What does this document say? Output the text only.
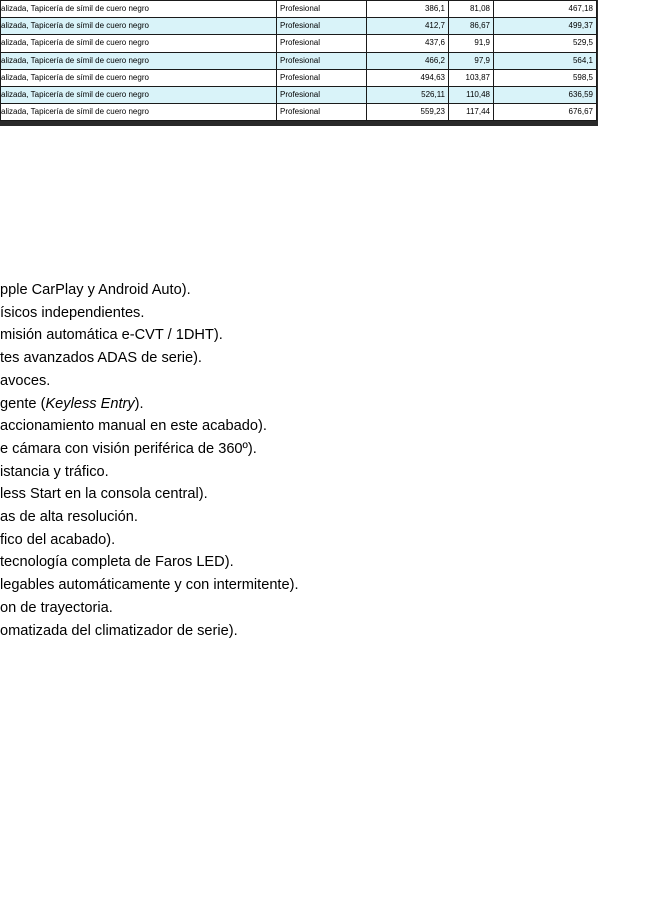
alizada, Tapicería de símil de cuero negro	Profesional	386,1	81,08	467,18
alizada, Tapicería de símil de cuero negro	Profesional	412,7	86,67	499,37
alizada, Tapicería de símil de cuero negro	Profesional	437,6	91,9	529,5
alizada, Tapicería de símil de cuero negro	Profesional	466,2	97,9	564,1
alizada, Tapicería de símil de cuero negro	Profesional	494,63	103,87	598,5
alizada, Tapicería de símil de cuero negro	Profesional	526,11	110,48	636,59
alizada, Tapicería de símil de cuero negro	Profesional	559,23	117,44	676,67
pple CarPlay y Android Auto).
ísicos independientes.
misión automática e-CVT / 1DHT).
tes avanzados ADAS de serie).
avoces.
gente (Keyless Entry).
accionamiento manual en este acabado).
e cámara con visión periférica de 360º).
istancia y tráfico.
less Start en la consola central).
as de alta resolución.
fico del acabado).
tecnología completa de Faros LED).
legables automáticamente y con intermitente).
on de trayectoria.
omatizada del climatizador de serie).
